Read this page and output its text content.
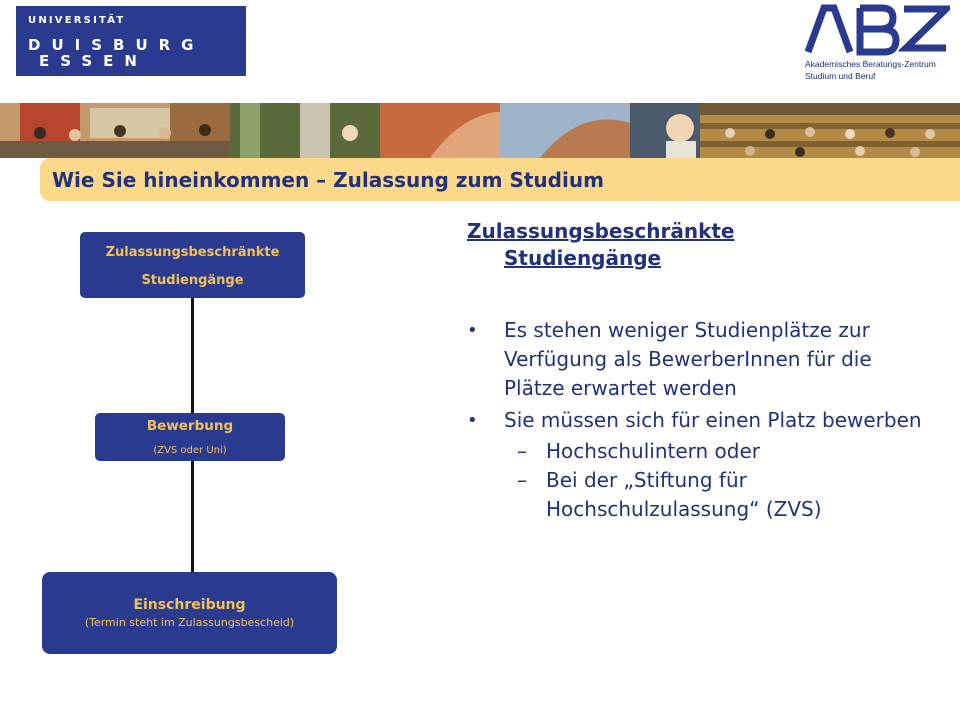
UNIVERSITÄT
DUISBURG
ESSEN	Akademisches Beratungs-Zentrum
Studium und Beruf
Wie Sie hineinkommen – Zulassung zum Studium
Zulassungsbeschränkte
Studiengänge
Bewerbung
(ZVS oder Uni)
Einschreibung
(Termin steht im Zulassungsbescheid)
Zulassungsbeschränkte
Studiengänge
• Es stehen weniger Studienplätze zur Verfügung als BewerberInnen für die Plätze erwartet werden
• Sie müssen sich für einen Platz bewerben
– Hochschulintern oder
– Bei der „Stiftung für Hochschulzulassung“ (ZVS)
